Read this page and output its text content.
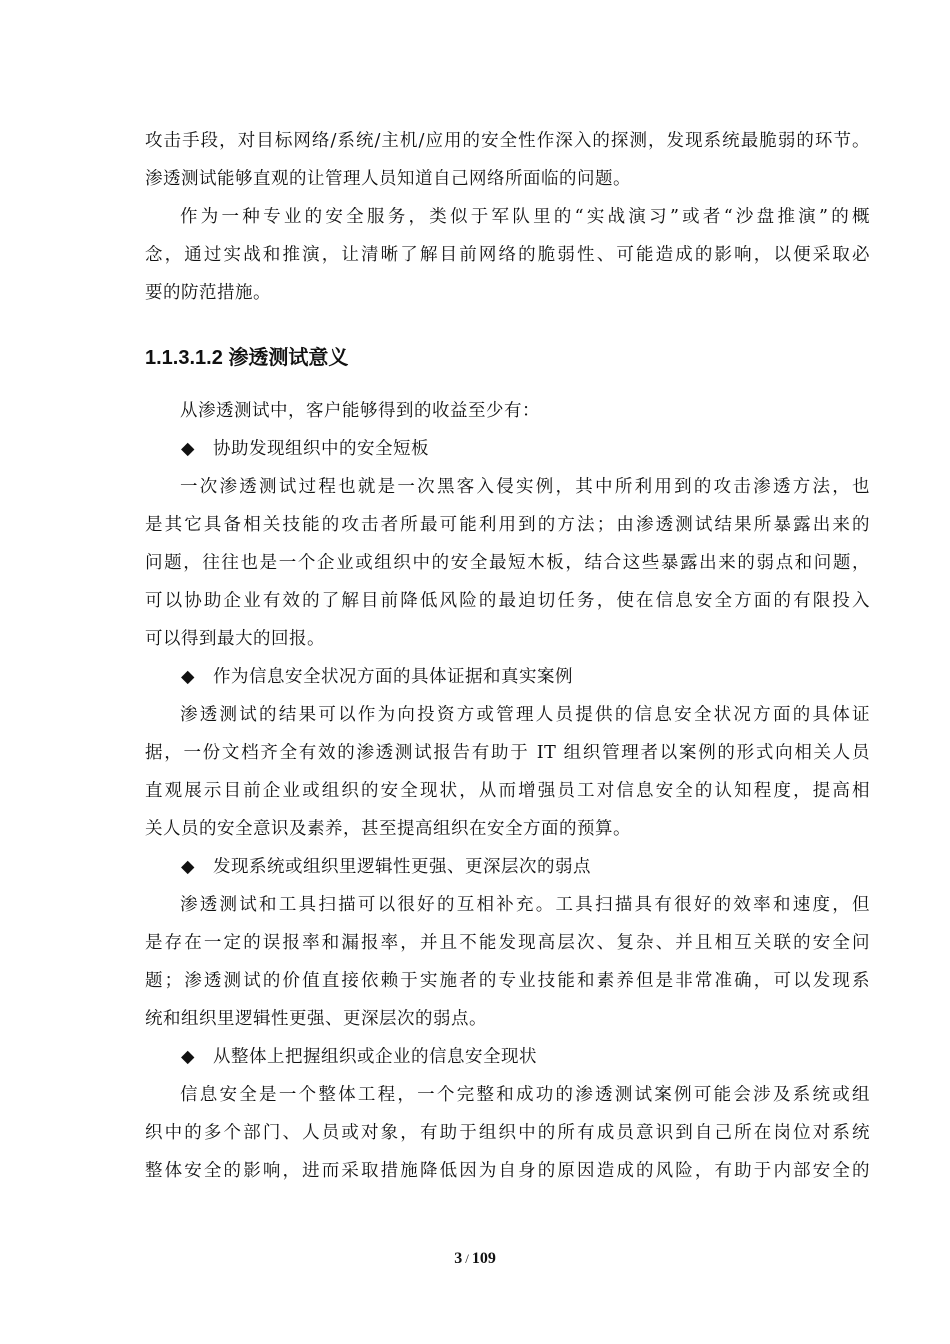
攻击手段，对目标网络/系统/主机/应用的安全性作深入的探测，发现系统最脆弱的环节。

渗透测试能够直观的让管理人员知道自己网络所面临的问题。

作为一种专业的安全服务，类似于军队里的“实战演习”或者“沙盘推演”的概

念，通过实战和推演，让清晰了解目前网络的脆弱性、可能造成的影响，以便采取必

要的防范措施。

1.1.3.1.2 渗透测试意义

从渗透测试中，客户能够得到的收益至少有：

◆ 协助发现组织中的安全短板

一次渗透测试过程也就是一次黑客入侵实例，其中所利用到的攻击渗透方法，也

是其它具备相关技能的攻击者所最可能利用到的方法；由渗透测试结果所暴露出来的

问题，往往也是一个企业或组织中的安全最短木板，结合这些暴露出来的弱点和问题，

可以协助企业有效的了解目前降低风险的最迫切任务，使在信息安全方面的有限投入

可以得到最大的回报。

◆ 作为信息安全状况方面的具体证据和真实案例

渗透测试的结果可以作为向投资方或管理人员提供的信息安全状况方面的具体证

据，一份文档齐全有效的渗透测试报告有助于 IT 组织管理者以案例的形式向相关人员

直观展示目前企业或组织的安全现状，从而增强员工对信息安全的认知程度，提高相

关人员的安全意识及素养，甚至提高组织在安全方面的预算。

◆ 发现系统或组织里逻辑性更强、更深层次的弱点

渗透测试和工具扫描可以很好的互相补充。工具扫描具有很好的效率和速度，但

是存在一定的误报率和漏报率，并且不能发现高层次、复杂、并且相互关联的安全问

题；渗透测试的价值直接依赖于实施者的专业技能和素养但是非常准确，可以发现系

统和组织里逻辑性更强、更深层次的弱点。

◆ 从整体上把握组织或企业的信息安全现状

信息安全是一个整体工程，一个完整和成功的渗透测试案例可能会涉及系统或组

织中的多个部门、人员或对象，有助于组织中的所有成员意识到自己所在岗位对系统

整体安全的影响，进而采取措施降低因为自身的原因造成的风险，有助于内部安全的

3 / 109
